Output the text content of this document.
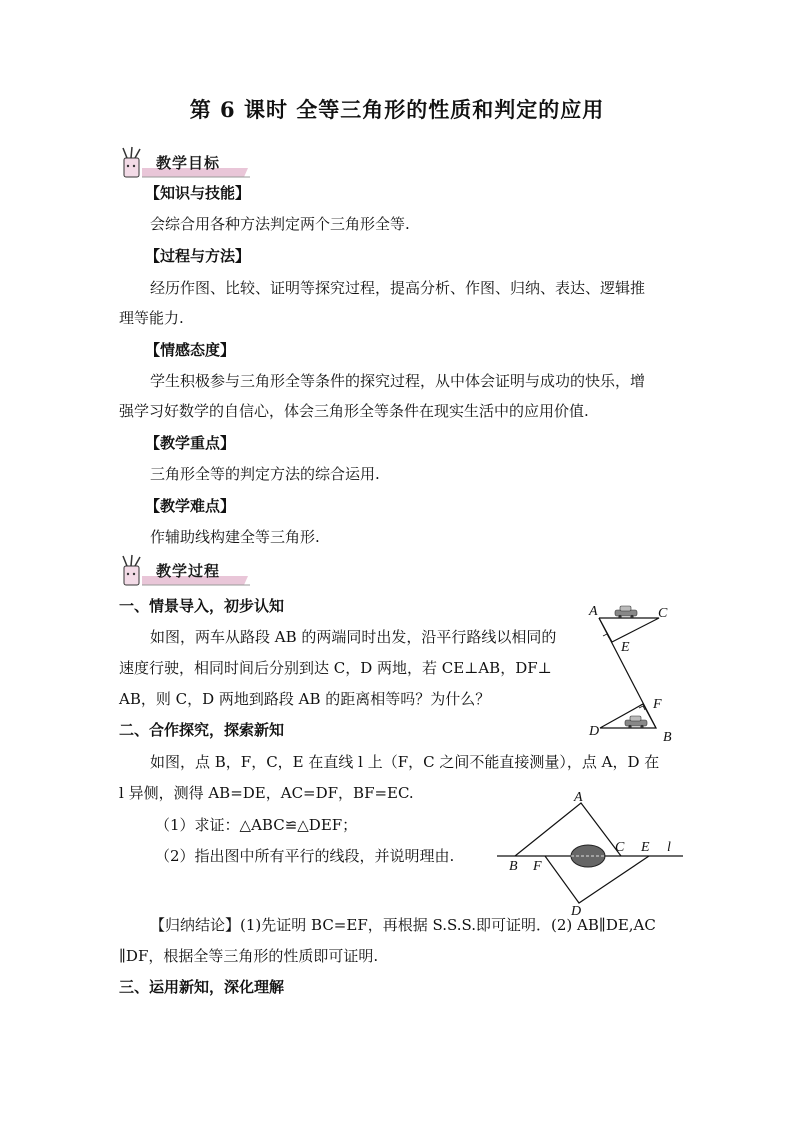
第 6 课时 全等三角形的性质和判定的应用
教学目标
【知识与技能】
会综合用各种方法判定两个三角形全等.
【过程与方法】
经历作图、比较、证明等探究过程，提高分析、作图、归纳、表达、逻辑推
理等能力.
【情感态度】
学生积极参与三角形全等条件的探究过程，从中体会证明与成功的快乐，增
强学习好数学的自信心，体会三角形全等条件在现实生活中的应用价值.
【教学重点】
三角形全等的判定方法的综合运用.
【教学难点】
作辅助线构建全等三角形.
教学过程
一、情景导入，初步认知
如图，两车从路段 AB 的两端同时出发，沿平行路线以相同的
速度行驶，相同时间后分别到达 C，D 两地，若 CE⊥AB，DF⊥
AB，则 C，D 两地到路段 AB 的距离相等吗？为什么？
A	C
E
F
D	B
二、合作探究，探索新知
如图，点 B，F，C，E 在直线 l 上（F，C 之间不能直接测量），点 A，D 在
l 异侧，测得 AB=DE，AC=DF，BF=EC.
（1）求证：△ABC≌△DEF；
（2）指出图中所有平行的线段，并说明理由.
A
B F
C E l
D
【归纳结论】(1)先证明 BC=EF，再根据 S.S.S.即可证明．(2) AB∥DE,AC
∥DF，根据全等三角形的性质即可证明.
三、运用新知，深化理解
